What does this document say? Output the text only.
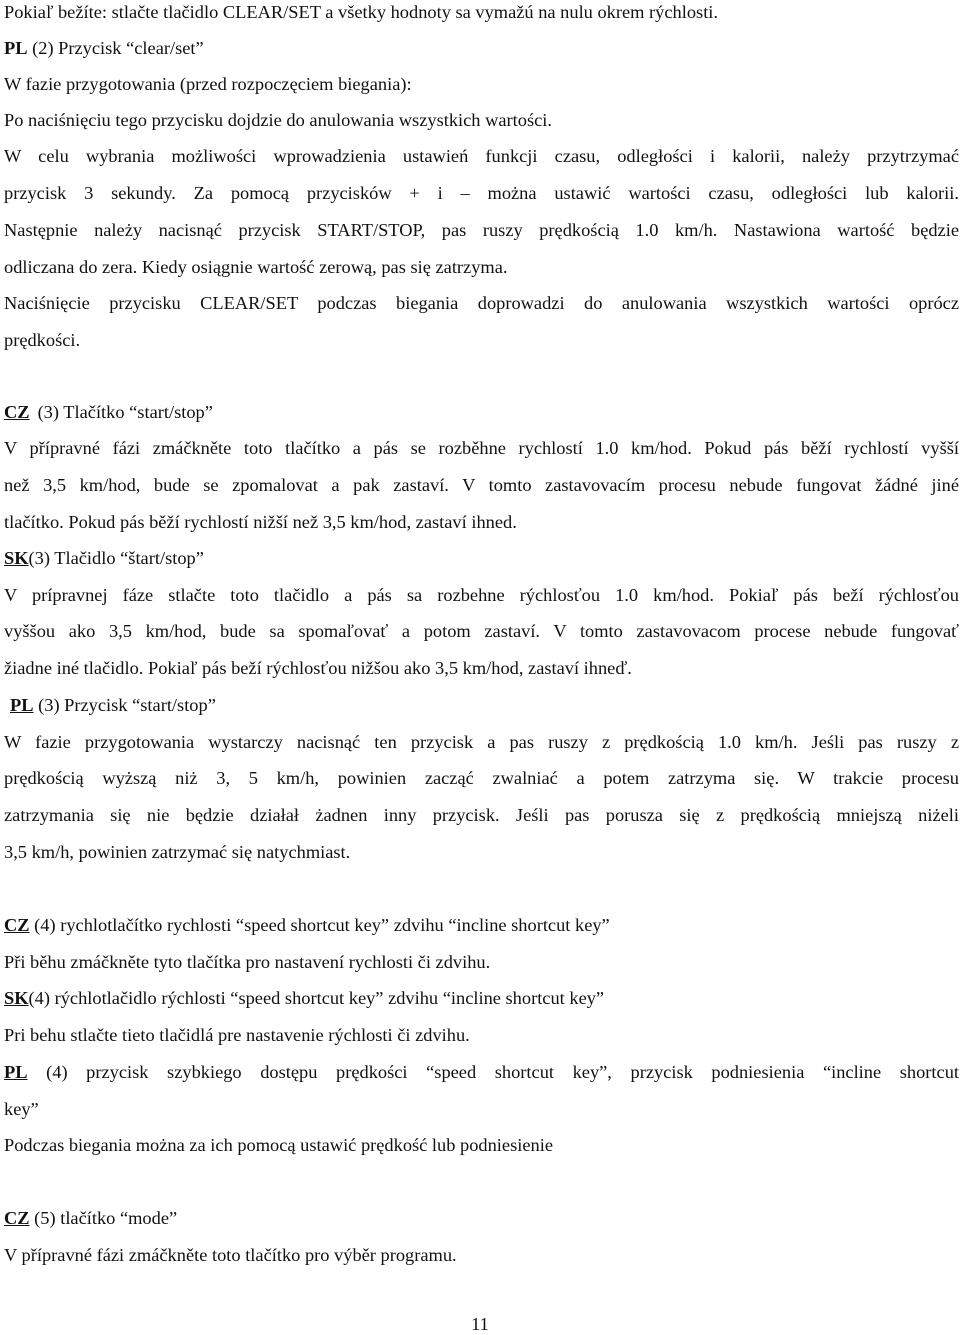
Pokiaľ bežíte: stlačte tlačidlo CLEAR/SET a všetky hodnoty sa vymažú na nulu okrem rýchlosti.
PL (2) Przycisk “clear/set”
W fazie przygotowania (przed rozpoczęciem biegania):
Po naciśnięciu tego przycisku dojdzie do anulowania wszystkich wartości.
W celu wybrania możliwości wprowadzienia ustawień funkcji czasu, odległości i kalorii, należy przytrzymać
przycisk 3 sekundy. Za pomocą przycisków + i – można ustawić wartości czasu, odległości lub kalorii.
Następnie należy nacisnąć przycisk START/STOP, pas ruszy prędkością 1.0 km/h. Nastawiona wartość będzie
odliczana do zera. Kiedy osiągnie wartość zerową, pas się zatrzyma.
Naciśnięcie przycisku CLEAR/SET podczas biegania doprowadzi do anulowania wszystkich wartości oprócz
prędkości.
CZ (3) Tlačítko “start/stop”
V přípravné fázi zmáčkněte toto tlačítko a pás se rozběhne rychlostí 1.0 km/hod. Pokud pás běží rychlostí vyšší
než 3,5 km/hod, bude se zpomalovat a pak zastaví. V tomto zastavovacím procesu nebude fungovat žádné jiné
tlačítko. Pokud pás běží rychlostí nižší než 3,5 km/hod, zastaví ihned.
SK(3) Tlačidlo “štart/stop”
V prípravnej fáze stlačte toto tlačidlo a pás sa rozbehne rýchlosťou 1.0 km/hod. Pokiaľ pás beží rýchlosťou
vyššou ako 3,5 km/hod, bude sa spomaľovať a potom zastaví. V tomto zastavovacom procese nebude fungovať
žiadne iné tlačidlo. Pokiaľ pás beží rýchlosťou nižšou ako 3,5 km/hod, zastaví ihneď.
PL (3) Przycisk “start/stop”
W fazie przygotowania wystarczy nacisnąć ten przycisk a pas ruszy z prędkością 1.0 km/h. Jeśli pas ruszy z
prędkością wyższą niż 3, 5 km/h, powinien zacząć zwalniać a potem zatrzyma się. W trakcie procesu
zatrzymania się nie będzie działał żadnen inny przycisk. Jeśli pas porusza się z prędkością mniejszą niżeli
3,5 km/h, powinien zatrzymać się natychmiast.
CZ (4) rychlotlačítko rychlosti “speed shortcut key” zdvihu “incline shortcut key”
Při běhu zmáčkněte tyto tlačítka pro nastavení rychlosti či zdvihu.
SK(4) rýchlotlačidlo rýchlosti “speed shortcut key” zdvihu “incline shortcut key”
Pri behu stlačte tieto tlačidlá pre nastavenie rýchlosti či zdvihu.
PL (4) przycisk szybkiego dostępu prędkości “speed shortcut key”, przycisk podniesienia “incline shortcut
key”
Podczas biegania można za ich pomocą ustawić prędkość lub podniesienie
CZ (5) tlačítko “mode”
V přípravné fázi zmáčkněte toto tlačítko pro výběr programu.
11
